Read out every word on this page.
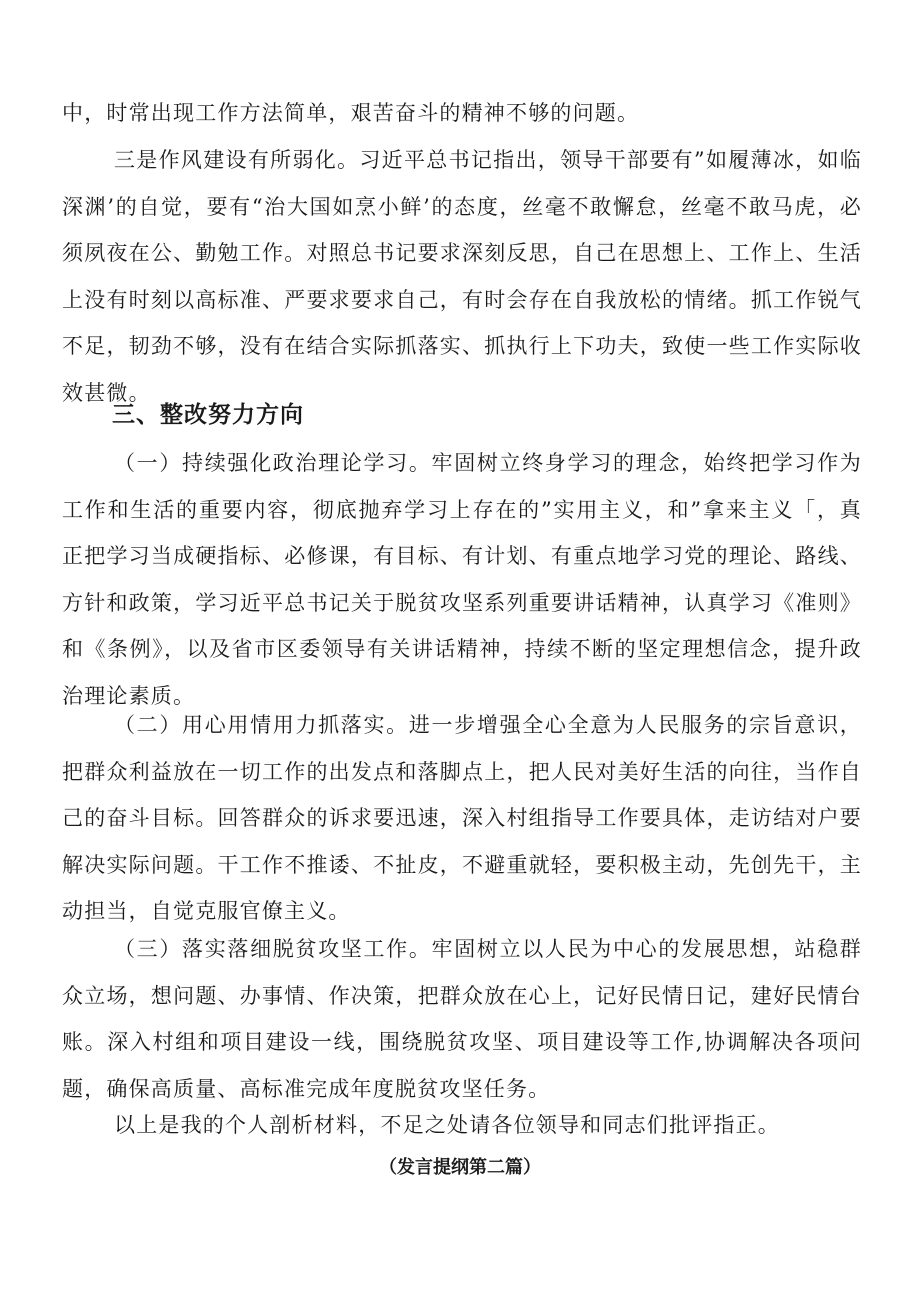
中，时常出现工作方法简单，艰苦奋斗的精神不够的问题。

三是作风建设有所弱化。习近平总书记指出，领导干部要有”如履薄冰，如临深渊’的自觉，要有“治大国如烹小鲜’的态度，丝毫不敢懈怠，丝毫不敢马虎，必须夙夜在公、勤勉工作。对照总书记要求深刻反思，自己在思想上、工作上、生活上没有时刻以高标准、严要求要求自己，有时会存在自我放松的情绪。抓工作锐气不足，韧劲不够，没有在结合实际抓落实、抓执行上下功夫，致使一些工作实际收效甚微。

三、整改努力方向

（一）持续强化政治理论学习。牢固树立终身学习的理念，始终把学习作为工作和生活的重要内容，彻底抛弃学习上存在的”实用主义，和”拿来主义「，真正把学习当成硬指标、必修课，有目标、有计划、有重点地学习党的理论、路线、方针和政策，学习近平总书记关于脱贫攻坚系列重要讲话精神，认真学习《准则》和《条例》，以及省市区委领导有关讲话精神，持续不断的坚定理想信念，提升政治理论素质。

（二）用心用情用力抓落实。进一步增强全心全意为人民服务的宗旨意识，把群众利益放在一切工作的出发点和落脚点上，把人民对美好生活的向往，当作自己的奋斗目标。回答群众的诉求要迅速，深入村组指导工作要具体，走访结对户要解决实际问题。干工作不推诿、不扯皮，不避重就轻，要积极主动，先创先干，主动担当，自觉克服官僚主义。

（三）落实落细脱贫攻坚工作。牢固树立以人民为中心的发展思想，站稳群众立场，想问题、办事情、作决策，把群众放在心上，记好民情日记，建好民情台账。深入村组和项目建设一线，围绕脱贫攻坚、项目建设等工作,协调解决各项问题，确保高质量、高标准完成年度脱贫攻坚任务。

以上是我的个人剖析材料，不足之处请各位领导和同志们批评指正。

（发言提纲第二篇）
